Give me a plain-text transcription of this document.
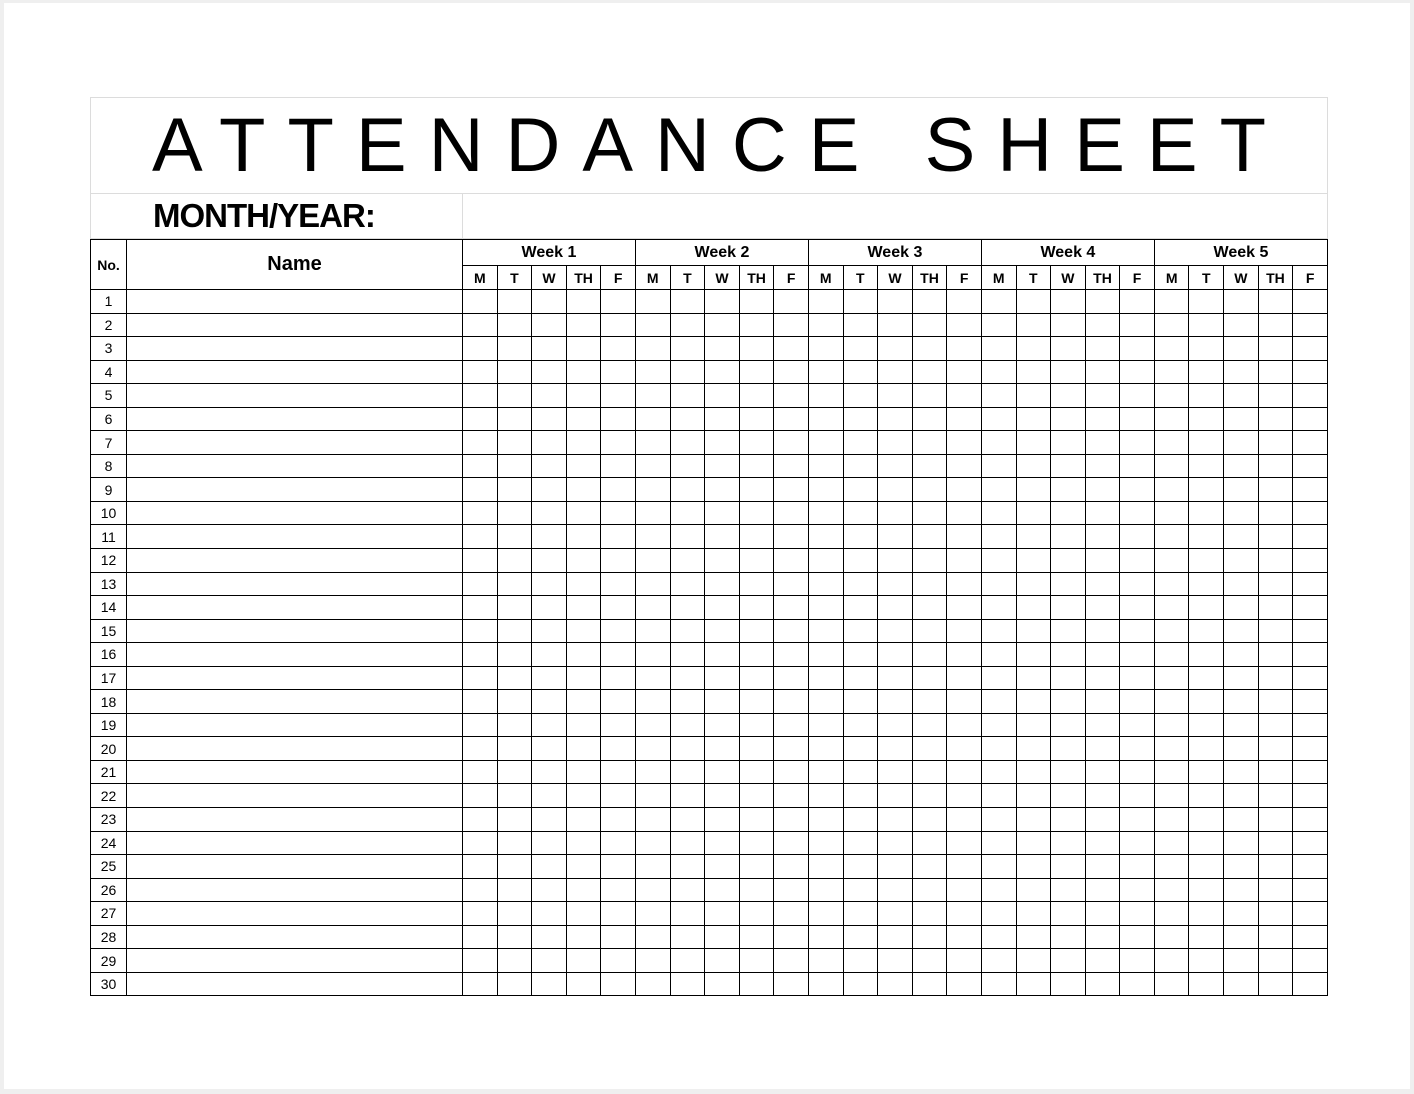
ATTENDANCE SHEET
MONTH/YEAR:
No.	Name	Week 1					Week 2					Week 3					Week 4					Week 5				
		M	T	W	TH	F	M	T	W	TH	F	M	T	W	TH	F	M	T	W	TH	F	M	T	W	TH	F
1																										
2																										
3																										
4																										
5																										
6																										
7																										
8																										
9																										
10																										
11																										
12																										
13																										
14																										
15																										
16																										
17																										
18																										
19																										
20																										
21																										
22																										
23																										
24																										
25																										
26																										
27																										
28																										
29																										
30																										
